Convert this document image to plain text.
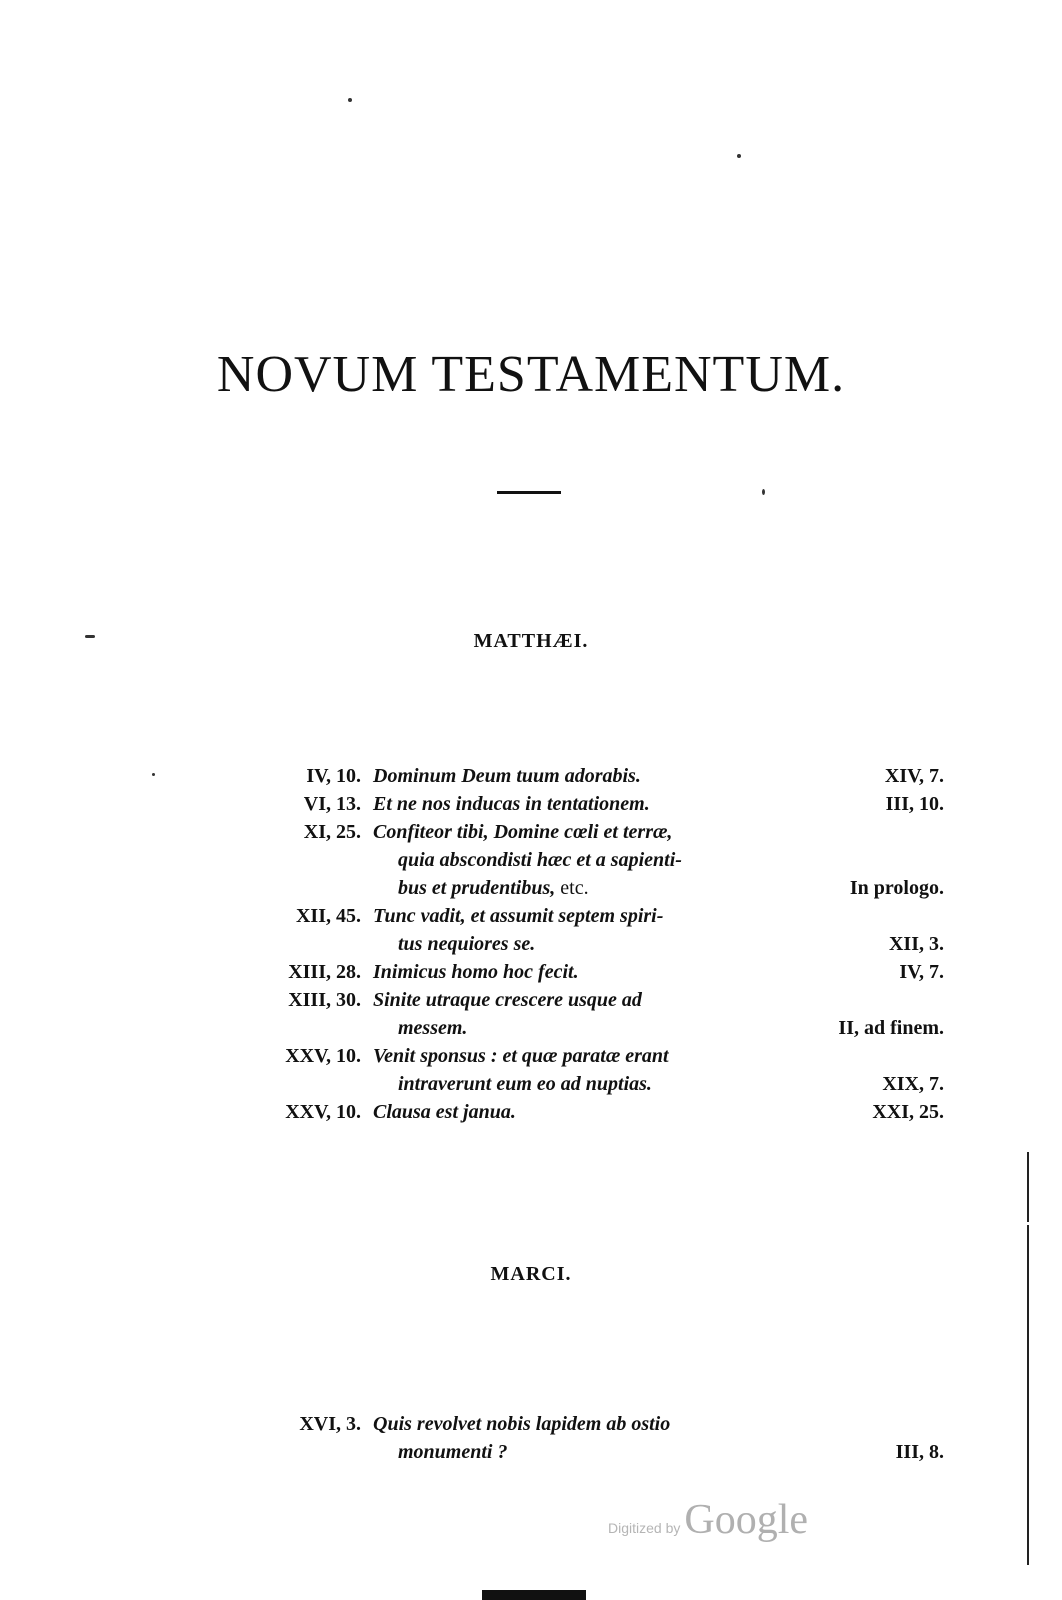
NOVUM TESTAMENTUM.
MATTHÆI.
IV, 10. Dominum Deum tuum adorabis.	XIV, 7.
VI, 13. Et ne nos inducas in tentationem.	III, 10.
XI, 25. Confiteor tibi, Domine cœli et terræ,
quia abscondisti hæc et a sapienti-
bus et prudentibus, etc.	In prologo.
XII, 45. Tunc vadit, et assumit septem spiri-
tus nequiores se.	XII, 3.
XIII, 28. Inimicus homo hoc fecit.	IV, 7.
XIII, 30. Sinite utraque crescere usque ad
messem.	II, ad finem.
XXV, 10. Venit sponsus : et quæ paratæ erant
intraverunt eum eo ad nuptias.	XIX, 7.
XXV, 10. Clausa est janua.	XXI, 25.
MARCI.
XVI, 3. Quis revolvet nobis lapidem ab ostio
monumenti ?	III, 8.
Digitized by Google
